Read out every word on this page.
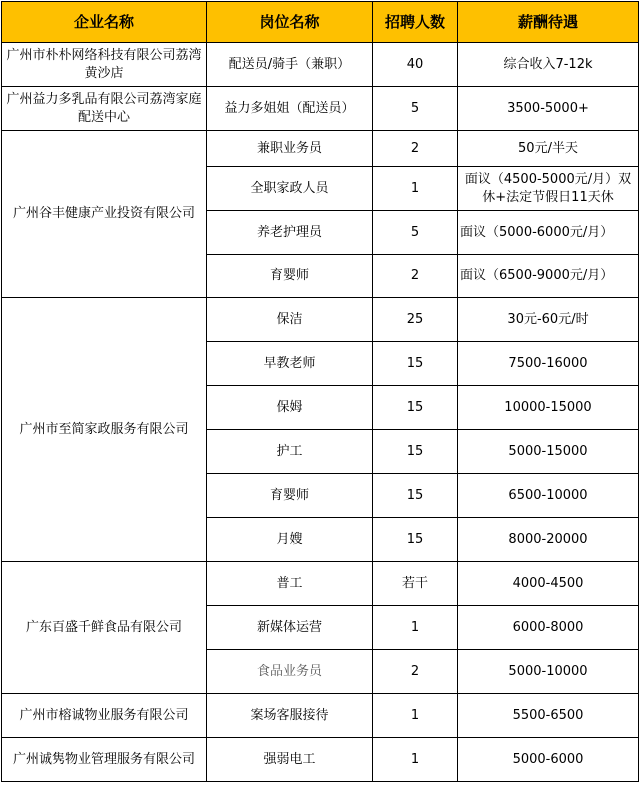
企业名称	岗位名称	招聘人数	薪酬待遇
广州市朴朴网络科技有限公司荔湾黄沙店	配送员/骑手（兼职）	40	综合收入7-12k
广州益力多乳品有限公司荔湾家庭配送中心	益力多姐姐（配送员）	5	3500-5000+
广州谷丰健康产业投资有限公司	兼职业务员	2	50元/半天
	全职家政人员	1	面议（4500-5000元/月）双休+法定节假日11天休
	养老护理员	5	面议（5000-6000元/月）
	育婴师	2	面议（6500-9000元/月）
广州市至简家政服务有限公司	保洁	25	30元-60元/时
	早教老师	15	7500-16000
	保姆	15	10000-15000
	护工	15	5000-15000
	育婴师	15	6500-10000
	月嫂	15	8000-20000
广东百盛千鲜食品有限公司	普工	若干	4000-4500
	新媒体运营	1	6000-8000
	食品业务员	2	5000-10000
广州市榕诚物业服务有限公司	案场客服接待	1	5500-6500
广州诚隽物业管理服务有限公司	强弱电工	1	5000-6000
